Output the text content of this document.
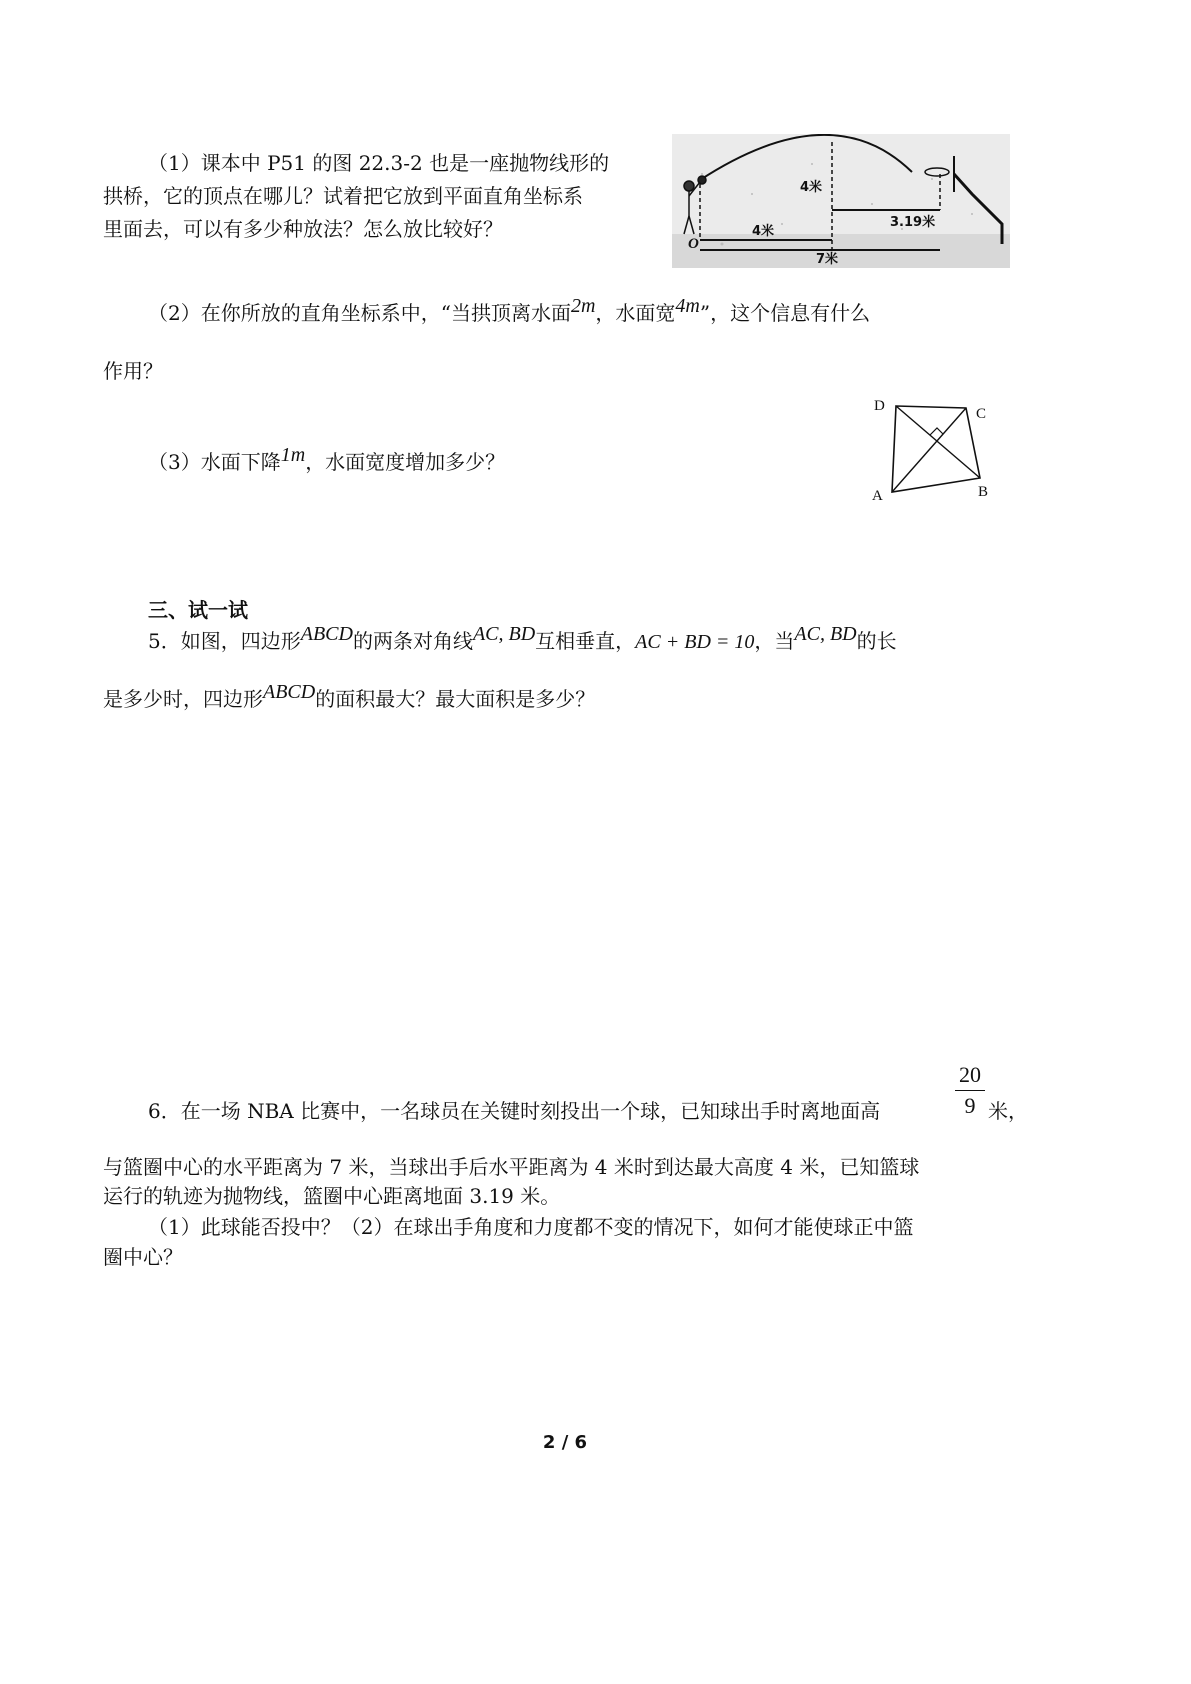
（1）课本中 P51 的图 22.3-2 也是一座抛物线形的
拱桥，它的顶点在哪儿？试着把它放到平面直角坐标系
里面去，可以有多少种放法？怎么放比较好？
4米
4米
3.19米
7米
O
（2）在你所放的直角坐标系中，“当拱顶离水面2m，水面宽4m”，这个信息有什么
作用？
D	C
A	B
（3）水面下降1m，水面宽度增加多少？
三、试一试
5．如图，四边形ABCD的两条对角线AC, BD互相垂直，AC + BD = 10，当AC, BD的长
是多少时，四边形ABCD的面积最大？最大面积是多少？
6．在一场 NBA 比赛中，一名球员在关键时刻投出一个球，已知球出手时离地面高
20
9 米，
与篮圈中心的水平距离为 7 米，当球出手后水平距离为 4 米时到达最大高度 4 米，已知篮球
运行的轨迹为抛物线，篮圈中心距离地面 3.19 米。
（1）此球能否投中？（2）在球出手角度和力度都不变的情况下，如何才能使球正中篮
圈中心？
2 / 6
